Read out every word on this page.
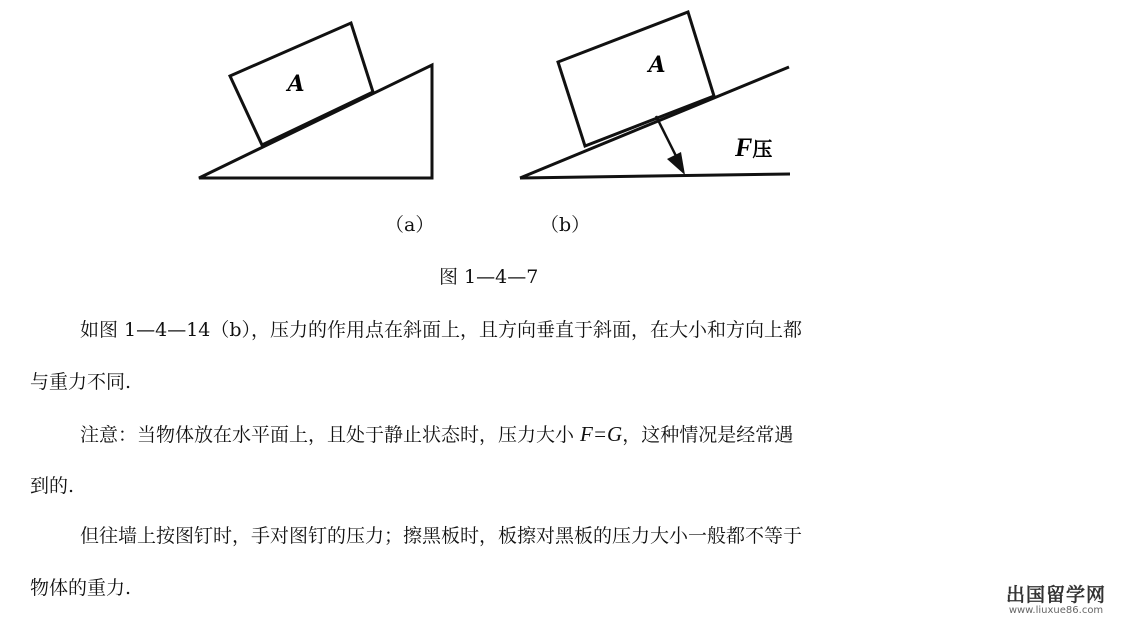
A
A
F压
（a）	（b）
图 1—4—7
如图 1—4—14（b），压力的作用点在斜面上，且方向垂直于斜面，在大小和方向上都
与重力不同.
注意：当物体放在水平面上，且处于静止状态时，压力大小 F=G，这种情况是经常遇
到的.
但往墙上按图钉时，手对图钉的压力；擦黑板时，板擦对黑板的压力大小一般都不等于
物体的重力.	出国留学网
www.liuxue86.com
